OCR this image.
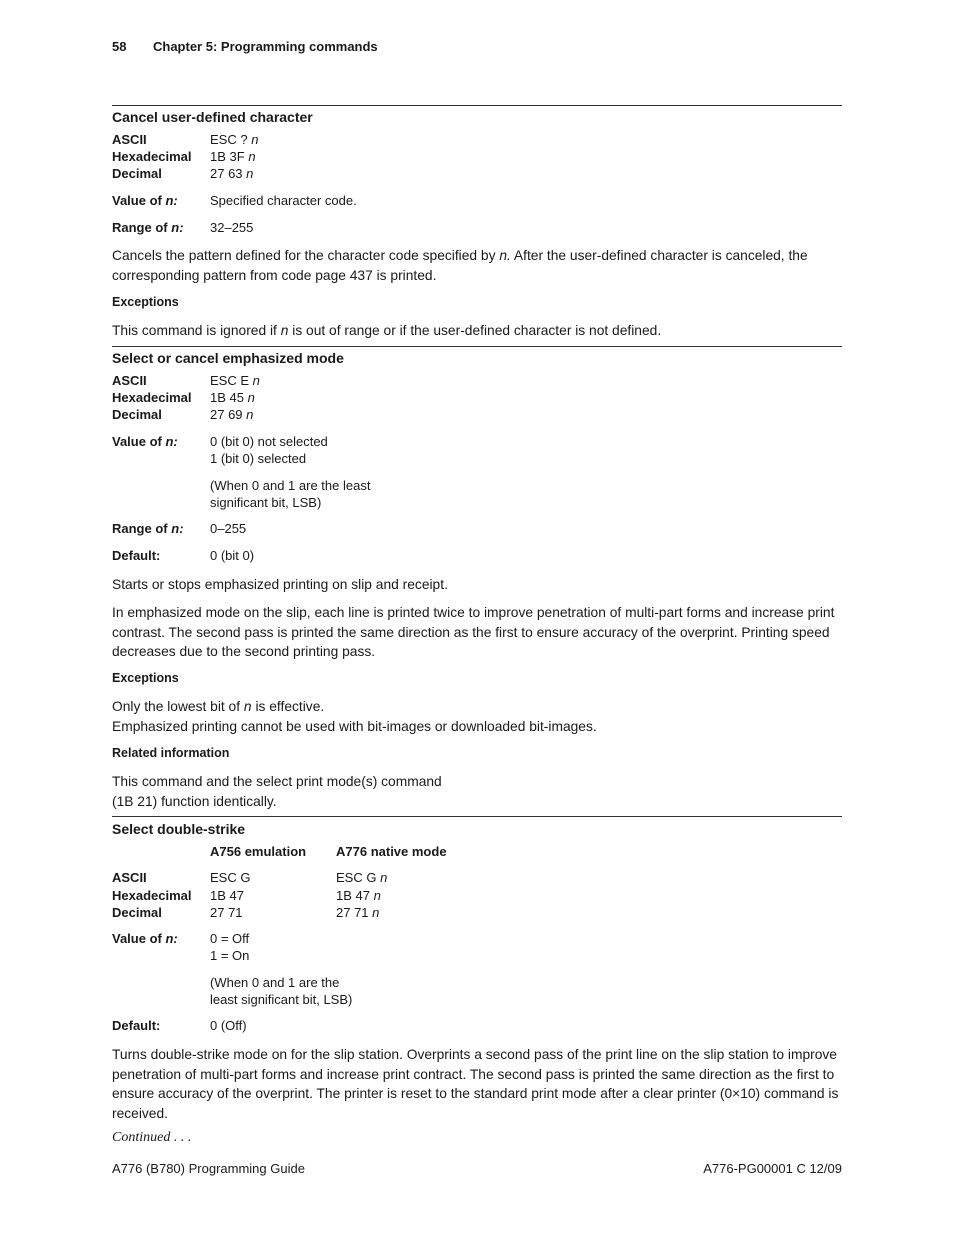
58 Chapter 5: Programming commands
Cancel user-defined character
ASCII	ESC ? n
Hexadecimal 1B 3F n
Decimal	27 63 n
Value of n: Specified character code.
Range of n: 32–255
Cancels the pattern defined for the character code specified by n. After the user-defined character is canceled, the corresponding pattern from code page 437 is printed.
Exceptions
This command is ignored if n is out of range or if the user-defined character is not defined.
Select or cancel emphasized mode
ASCII	ESC E n
Hexadecimal 1B 45 n
Decimal	27 69 n
Value of n: 0 (bit 0) not selected
1 (bit 0) selected
(When 0 and 1 are the least
significant bit, LSB)
Range of n: 0–255
Default:	0 (bit 0)
Starts or stops emphasized printing on slip and receipt.
In emphasized mode on the slip, each line is printed twice to improve penetration of multi-part forms and increase print contrast. The second pass is printed the same direction as the first to ensure accuracy of the overprint. Printing speed decreases due to the second printing pass.
Exceptions
Only the lowest bit of n is effective.
Emphasized printing cannot be used with bit-images or downloaded bit-images.
Related information
This command and the select print mode(s) command
(1B 21) function identically.
Select double-strike
A756 emulation A776 native mode
ASCII	ESC G	ESC G n
Hexadecimal 1B 47	1B 47 n
Decimal	27 71	27 71 n
Value of n: 0 = Off
1 = On
(When 0 and 1 are the
least significant bit, LSB)
Default:	0 (Off)
Turns double-strike mode on for the slip station. Overprints a second pass of the print line on the slip station to improve penetration of multi-part forms and increase print contract. The second pass is printed the same direction as the first to ensure accuracy of the overprint. The printer is reset to the standard print mode after a clear printer (0×10) command is received.
Continued . . .
A776 (B780) Programming Guide	A776-PG00001 C 12/09
